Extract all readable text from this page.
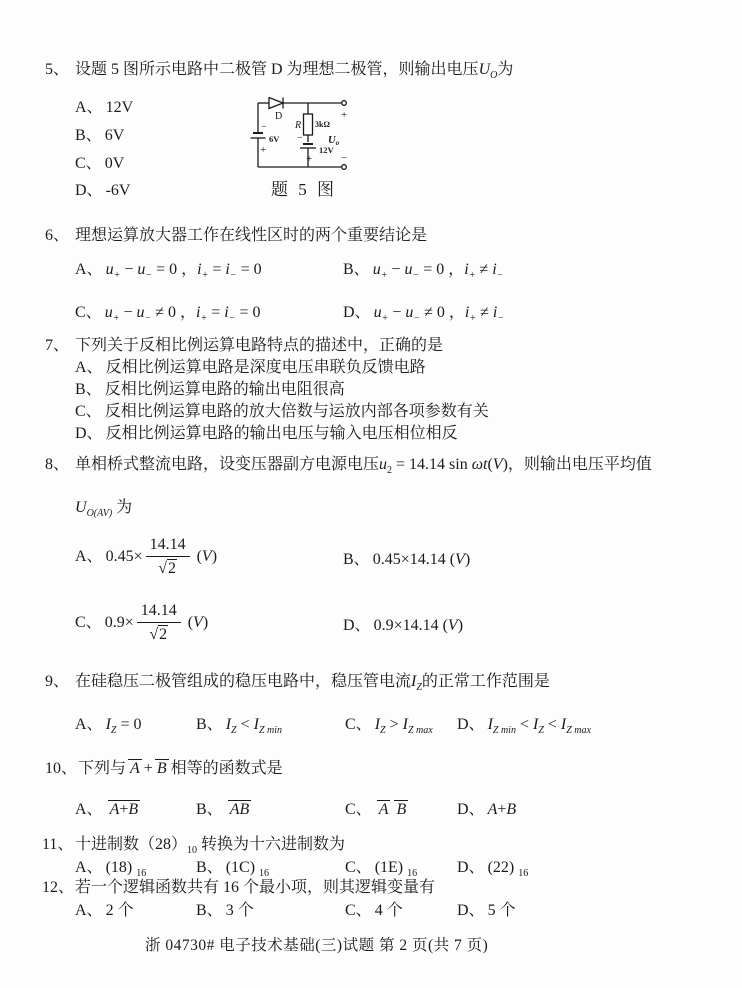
5、 设题 5 图所示电路中二极管 D 为理想二极管，则输出电压$U_O$为
A、 12V
B、 6V
C、 0V
D、 -6V
D
−
+
6V
R 3kΩ
−
+
12V
+
−
Uo
题 5 图
6、 理想运算放大器工作在线性区时的两个重要结论是
A、 $u_+ - u_- = 0$ ，$i_+ = i_- = 0$	B、 $u_+ - u_- = 0$ ，$i_+ \ne i_-$
C、 $u_+ - u_- \ne 0$ ，$i_+ = i_- = 0$	D、 $u_+ - u_- \ne 0$ ，$i_+ \ne i_-$
7、 下列关于反相比例运算电路特点的描述中，正确的是
A、 反相比例运算电路是深度电压串联负反馈电路
B、 反相比例运算电路的输出电阻很高
C、 反相比例运算电路的放大倍数与运放内部各项参数有关
D、 反相比例运算电路的输出电压与输入电压相位相反
8、 单相桥式整流电路，设变压器副方电源电压$u_2 = 14.14$ sin ωt(V)，则输出电压平均值
$U_{O(AV)}$ 为
A、 $0.45\times \frac{14.14}{√2} (V)$	B、 0.45×14.14 (V)
C、 $0.9\times \frac{14.14}{√2} (V)$	D、 0.9×14.14 (V)
9、 在硅稳压二极管组成的稳压电路中，稳压管电流$I_Z$的正常工作范围是
A、 $I_Z = 0$	B、 $I_Z < I_{Z min}$	C、 $I_Z > I_{Z max}$ D、 $I_{Z min} < I_Z < I_{Z max}$
10、 下列与 A + B 相等的函数式是
A、 A+B	B、 AB	C、 A B	D、 A+B
11、 十进制数$(28)_{10}$ 转换为十六进制数为
A、 (18) $_{16}$	B、 (1C) $_{16}$	C、 (1E) $_{16}$ D、 (22) $_{16}$
12、 若一个逻辑函数共有 16 个最小项，则其逻辑变量有
A、 2 个	B、 3 个	C、 4 个	D、 5 个
浙 04730# 电子技术基础(三)试题 第 2 页(共 7 页)
